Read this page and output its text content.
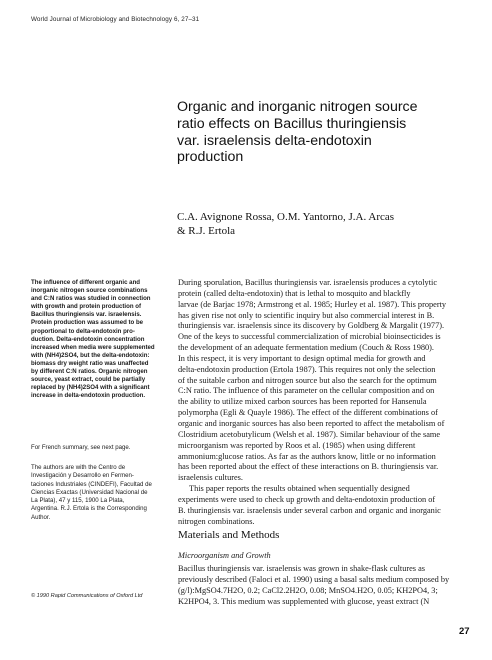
World Journal of Microbiology and Biotechnology 6, 27–31
Organic and inorganic nitrogen source
ratio effects on Bacillus thuringiensis
var. israelensis delta-endotoxin
production
C.A. Avignone Rossa, O.M. Yantorno, J.A. Arcas
& R.J. Ertola
The influence of different organic and
inorganic nitrogen source combinations
and C:N ratios was studied in connection
with growth and protein production of
Bacillus thuringiensis var. israelensis.
Protein production was assumed to be
proportional to delta-endotoxin pro-
duction. Delta-endotoxin concentration
increased when media were supplemented
with (NH4)2SO4, but the delta-endotoxin:
biomass dry weight ratio was unaffected
by different C:N ratios. Organic nitrogen
source, yeast extract, could be partially
replaced by (NH4)2SO4 with a significant
increase in delta-endotoxin production.
For French summary, see next page.
The authors are with the Centro de
Investigación y Desarrollo en Fermen-
taciones Industriales (CINDEFI), Facultad de
Ciencias Exactas (Universidad Nacional de
La Plata), 47 y 115, 1900 La Plata,
Argentina. R.J. Ertola is the Corresponding
Author.
© 1990 Rapid Communications of Oxford Ltd
During sporulation, Bacillus thuringiensis var. israelensis produces a cytolytic
protein (called delta-endotoxin) that is lethal to mosquito and blackfly
larvae (de Barjac 1978; Armstrong et al. 1985; Hurley et al. 1987). This property
has given rise not only to scientific inquiry but also commercial interest in B.
thuringiensis var. israelensis since its discovery by Goldberg & Margalit (1977).
One of the keys to successful commercialization of microbial bioinsecticides is
the development of an adequate fermentation medium (Couch & Ross 1980).
In this respect, it is very important to design optimal media for growth and
delta-endotoxin production (Ertola 1987). This requires not only the selection
of the suitable carbon and nitrogen source but also the search for the optimum
C:N ratio. The influence of this parameter on the cellular composition and on
the ability to utilize mixed carbon sources has been reported for Hansenula
polymorpha (Egli & Quayle 1986). The effect of the different combinations of
organic and inorganic sources has also been reported to affect the metabolism of
Clostridium acetobutylicum (Welsh et al. 1987). Similar behaviour of the same
microorganism was reported by Roos et al. (1985) when using different
ammonium:glucose ratios. As far as the authors know, little or no information
has been reported about the effect of these interactions on B. thuringiensis var.
israelensis cultures.
This paper reports the results obtained when sequentially designed
experiments were used to check up growth and delta-endotoxin production of
B. thuringiensis var. israelensis under several carbon and organic and inorganic
nitrogen combinations.
Materials and Methods
Microorganism and Growth
Bacillus thuringiensis var. israelensis was grown in shake-flask cultures as
previously described (Faloci et al. 1990) using a basal salts medium composed by
(g/l):MgSO4.7H2O, 0.2; CaCl2.2H2O, 0.08; MnSO4.H2O, 0.05; KH2PO4, 3;
K2HPO4, 3. This medium was supplemented with glucose, yeast extract (N
27
